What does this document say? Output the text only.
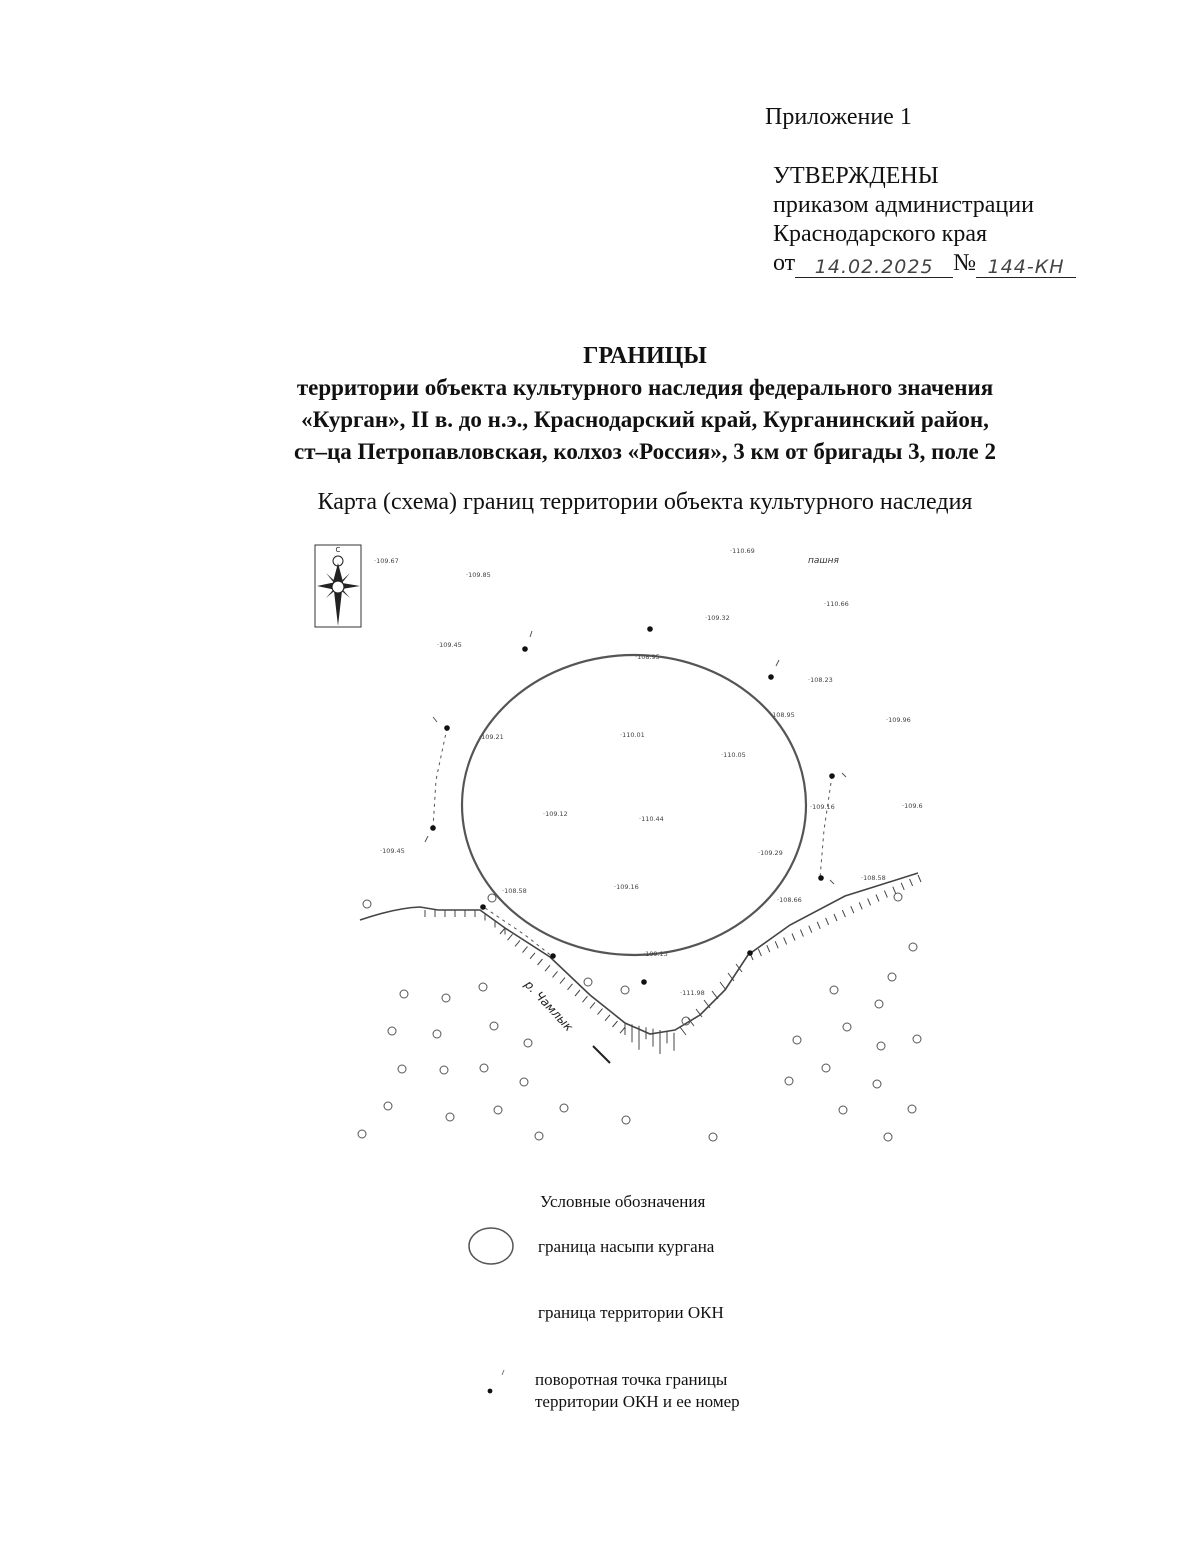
Приложение 1
УТВЕРЖДЕНЫ
приказом администрации
Краснодарского края
от 14.02.2025 № 144-КН
ГРАНИЦЫ
территории объекта культурного наследия федерального значения
«Курган», II в. до н.э., Краснодарский край, Курганинский район,
ст–ца Петропавловская, колхоз «Россия», 3 км от бригады 3, поле 2
Карта (схема) границ территории объекта культурного наследия
С
пашня
р. Чамлык
·109.67
·109.85
·110.69
·110.66
·109.32
·109.45
·108.95
·108.23
·109.96
·109.21	·110.01
·108.95
·110.05
·109.16
·109.12
·110.44
·109.45	·109.29
·108.58	·109.16
·108.58
·108.66
·109.13
·111.98
·109.6
Условные обозначения
граница насыпи кургана
граница территории ОКН
поворотная точка границы
территории ОКН и ее номер
